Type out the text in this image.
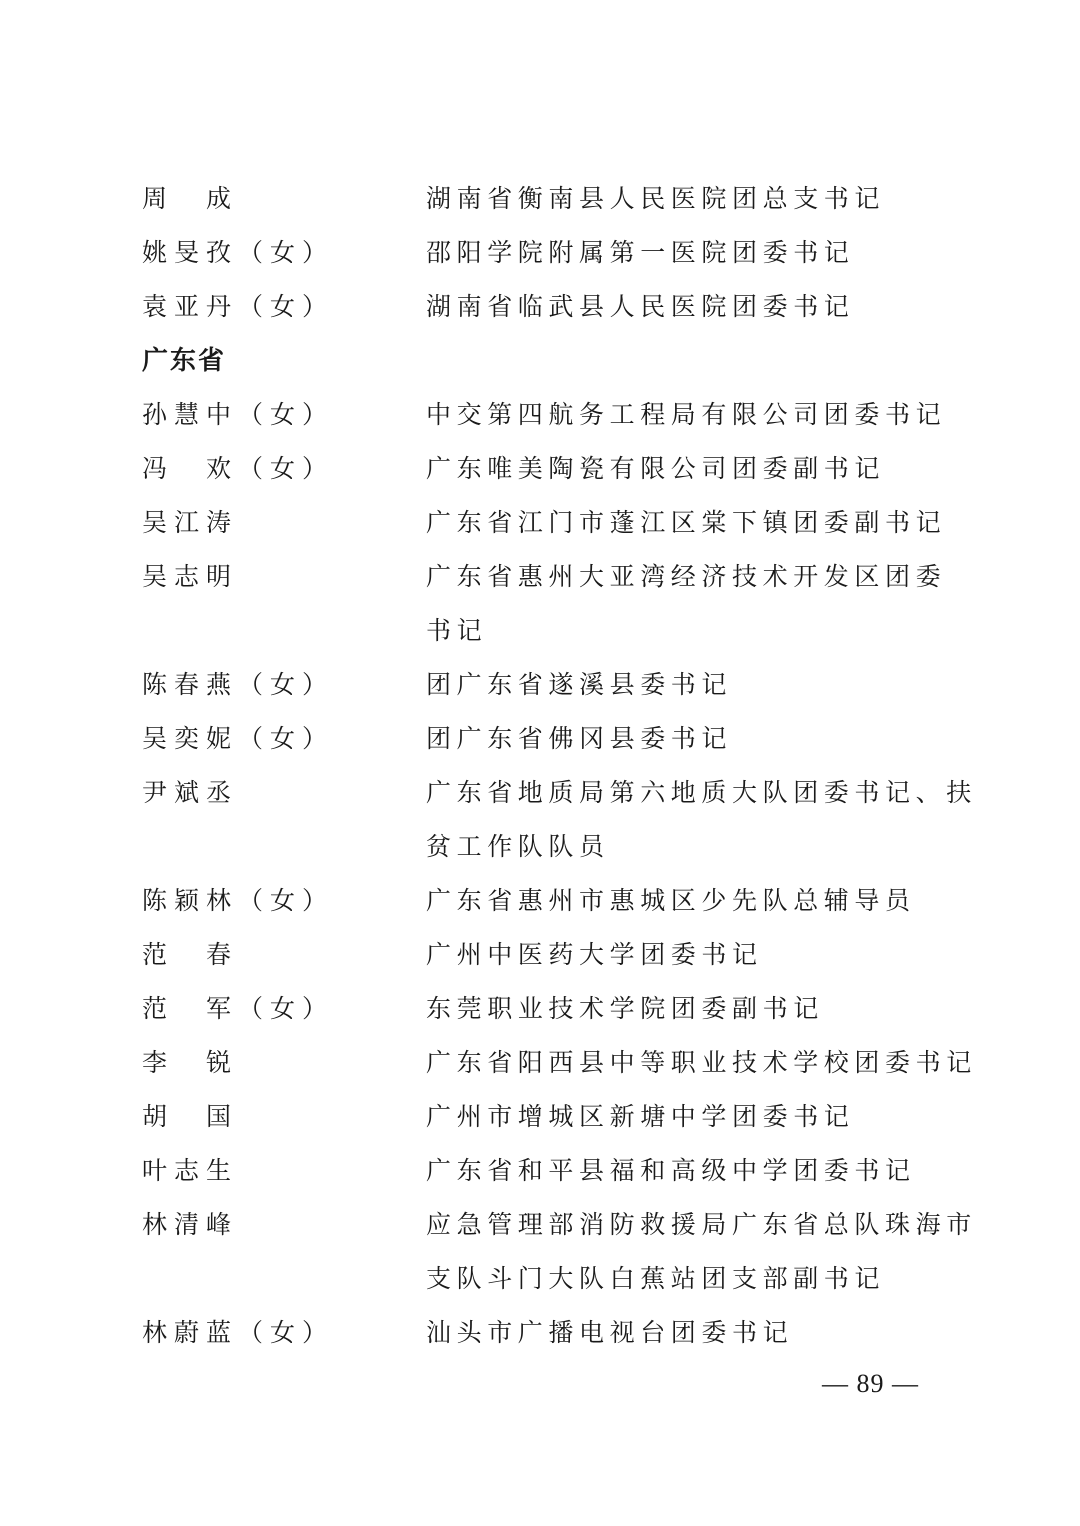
周　成	湖南省衡南县人民医院团总支书记
姚旻孜（女）	邵阳学院附属第一医院团委书记
袁亚丹（女）	湖南省临武县人民医院团委书记
广东省
孙慧中（女）	中交第四航务工程局有限公司团委书记
冯　欢（女）	广东唯美陶瓷有限公司团委副书记
吴江涛	广东省江门市蓬江区棠下镇团委副书记
吴志明	广东省惠州大亚湾经济技术开发区团委
书记
陈春燕（女）	团广东省遂溪县委书记
吴奕妮（女）	团广东省佛冈县委书记
尹斌丞	广东省地质局第六地质大队团委书记、扶
贫工作队队员
陈颖林（女）	广东省惠州市惠城区少先队总辅导员
范　春	广州中医药大学团委书记
范　军（女）	东莞职业技术学院团委副书记
李　锐	广东省阳西县中等职业技术学校团委书记
胡　国	广州市增城区新塘中学团委书记
叶志生	广东省和平县福和高级中学团委书记
林清峰	应急管理部消防救援局广东省总队珠海市
支队斗门大队白蕉站团支部副书记
林蔚蓝（女）	汕头市广播电视台团委书记
— 89 —
